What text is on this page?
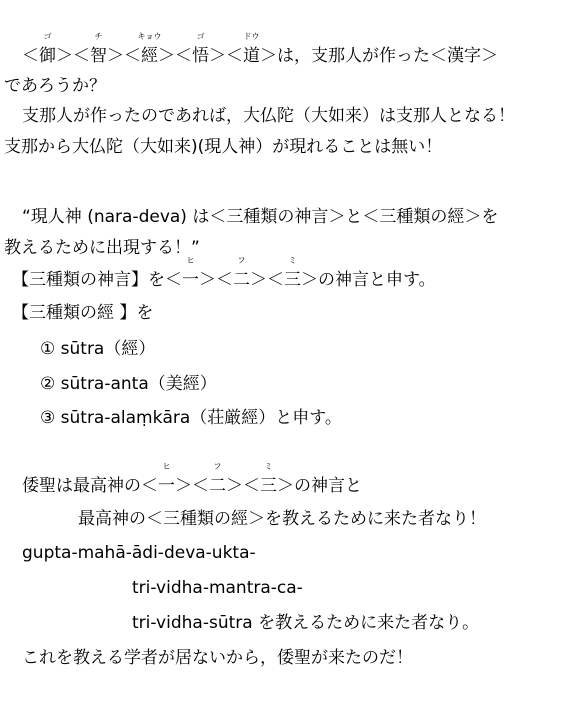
＜
ゴ
御＞＜
チ
智＞＜
キョウ
經＞＜
ゴ
悟＞＜
ドウ
道＞は，支那人が作った＜漢字＞
であろうか？
支那人が作ったのであれば，大仏陀（大如来）は支那人となる！
支那から大仏陀（大如来)(現人神）が現れることは無い！
“現人神 (nara-deva) は＜三種類の神言＞と＜三種類の經＞を
教えるために出現する！”
【三種類の神言】を＜
ヒ
一＞＜
フ
二＞＜
ミ
三＞の神言と申す。
【三種類の經 】を
① sūtra（經）
② sūtra-anta（美經）
③ sūtra-alaṃkāra（荘厳經）と申す。
倭聖は最高神の＜
ヒ
一＞＜
フ
二＞＜
ミ
三＞の神言と
最高神の＜三種類の經＞を教えるために来た者なり！
gupta-mahā-ādi-deva-ukta-
tri-vidha-mantra-ca-
tri-vidha-sūtra を教えるために来た者なり。
これを教える学者が居ないから，倭聖が来たのだ！
